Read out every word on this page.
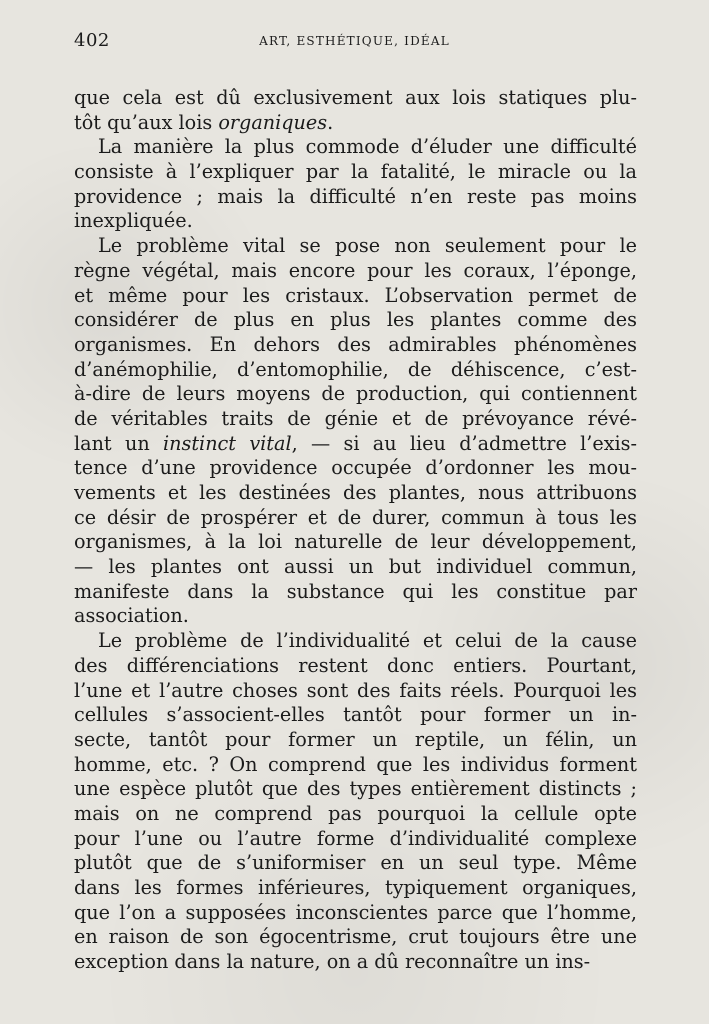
402	ART, ESTHÉTIQUE, IDÉAL
que cela est dû exclusivement aux lois statiques plu-
tôt qu’aux lois organiques.
La manière la plus commode d’éluder une difficulté
consiste à l’expliquer par la fatalité, le miracle ou la
providence ; mais la difficulté n’en reste pas moins
inexpliquée.
Le problème vital se pose non seulement pour le
règne végétal, mais encore pour les coraux, l’éponge,
et même pour les cristaux. L’observation permet de
considérer de plus en plus les plantes comme des
organismes. En dehors des admirables phénomènes
d’anémophilie, d’entomophilie, de déhiscence, c’est-
à-dire de leurs moyens de production, qui contiennent
de véritables traits de génie et de prévoyance révé-
lant un instinct vital, — si au lieu d’admettre l’exis-
tence d’une providence occupée d’ordonner les mou-
vements et les destinées des plantes, nous attribuons
ce désir de prospérer et de durer, commun à tous les
organismes, à la loi naturelle de leur développement,
— les plantes ont aussi un but individuel commun,
manifeste dans la substance qui les constitue par
association.
Le problème de l’individualité et celui de la cause
des différenciations restent donc entiers. Pourtant,
l’une et l’autre choses sont des faits réels. Pourquoi les
cellules s’associent-elles tantôt pour former un in-
secte, tantôt pour former un reptile, un félin, un
homme, etc. ? On comprend que les individus forment
une espèce plutôt que des types entièrement distincts ;
mais on ne comprend pas pourquoi la cellule opte
pour l’une ou l’autre forme d’individualité complexe
plutôt que de s’uniformiser en un seul type. Même
dans les formes inférieures, typiquement organiques,
que l’on a supposées inconscientes parce que l’homme,
en raison de son égocentrisme, crut toujours être une
exception dans la nature, on a dû reconnaître un ins-
